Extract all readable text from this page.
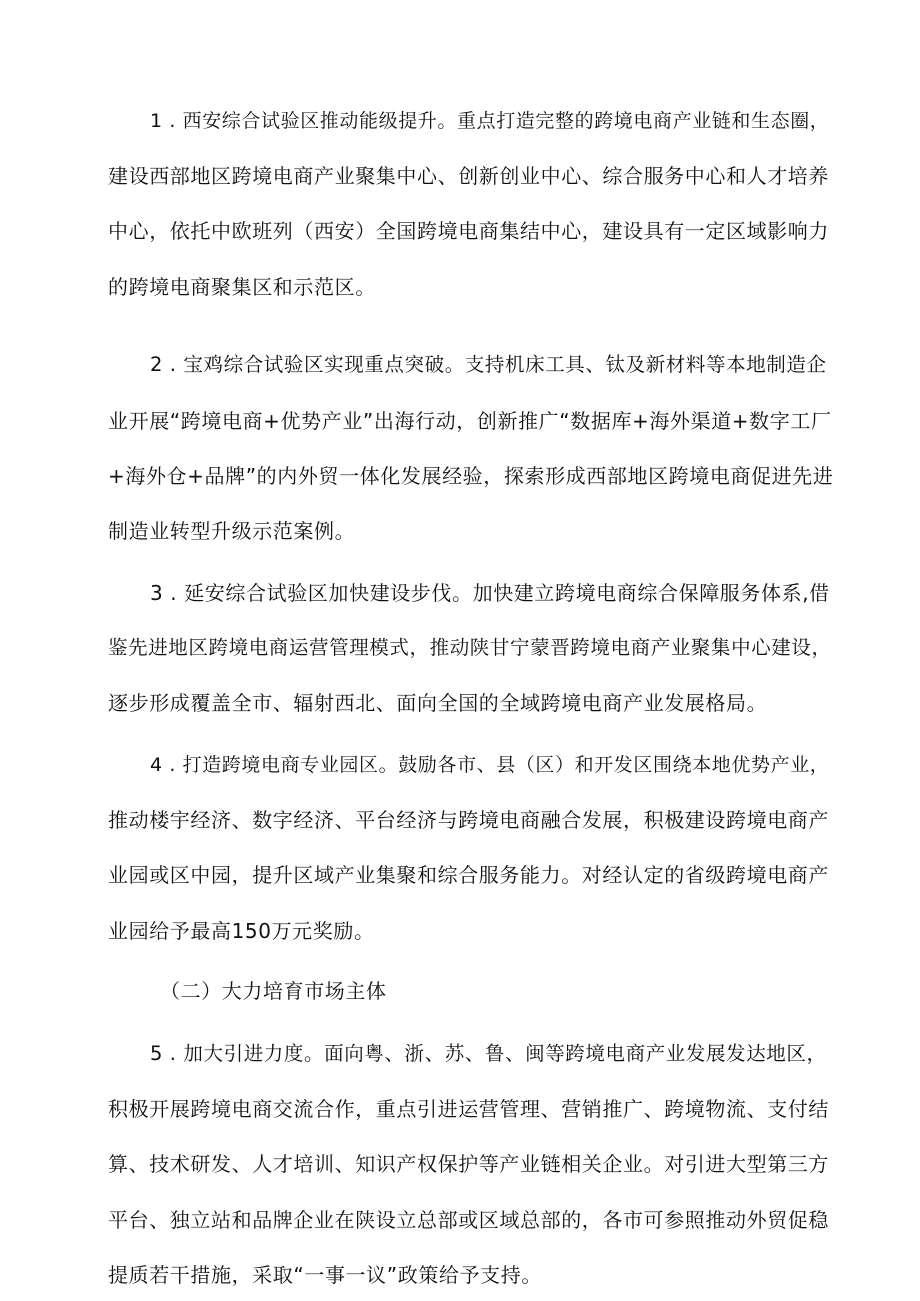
1 . 西安综合试验区推动能级提升。重点打造完整的跨境电商产业链和生态圈，
建设西部地区跨境电商产业聚集中心、创新创业中心、综合服务中心和人才培养
中心，依托中欧班列（西安）全国跨境电商集结中心，建设具有一定区域影响力
的跨境电商聚集区和示范区。
2 . 宝鸡综合试验区实现重点突破。支持机床工具、钛及新材料等本地制造企
业开展“跨境电商+优势产业”出海行动，创新推广“数据库+海外渠道+数字工厂
+海外仓+品牌”的内外贸一体化发展经验，探索形成西部地区跨境电商促进先进
制造业转型升级示范案例。
3 . 延安综合试验区加快建设步伐。加快建立跨境电商综合保障服务体系,借
鉴先进地区跨境电商运营管理模式，推动陕甘宁蒙晋跨境电商产业聚集中心建设，
逐步形成覆盖全市、辐射西北、面向全国的全域跨境电商产业发展格局。
4 . 打造跨境电商专业园区。鼓励各市、县（区）和开发区围绕本地优势产业，
推动楼宇经济、数字经济、平台经济与跨境电商融合发展，积极建设跨境电商产
业园或区中园，提升区域产业集聚和综合服务能力。对经认定的省级跨境电商产
业园给予最高150万元奖励。
（二）大力培育市场主体
5 . 加大引进力度。面向粤、浙、苏、鲁、闽等跨境电商产业发展发达地区，
积极开展跨境电商交流合作，重点引进运营管理、营销推广、跨境物流、支付结
算、技术研发、人才培训、知识产权保护等产业链相关企业。对引进大型第三方
平台、独立站和品牌企业在陕设立总部或区域总部的，各市可参照推动外贸促稳
提质若干措施，采取“一事一议”政策给予支持。
